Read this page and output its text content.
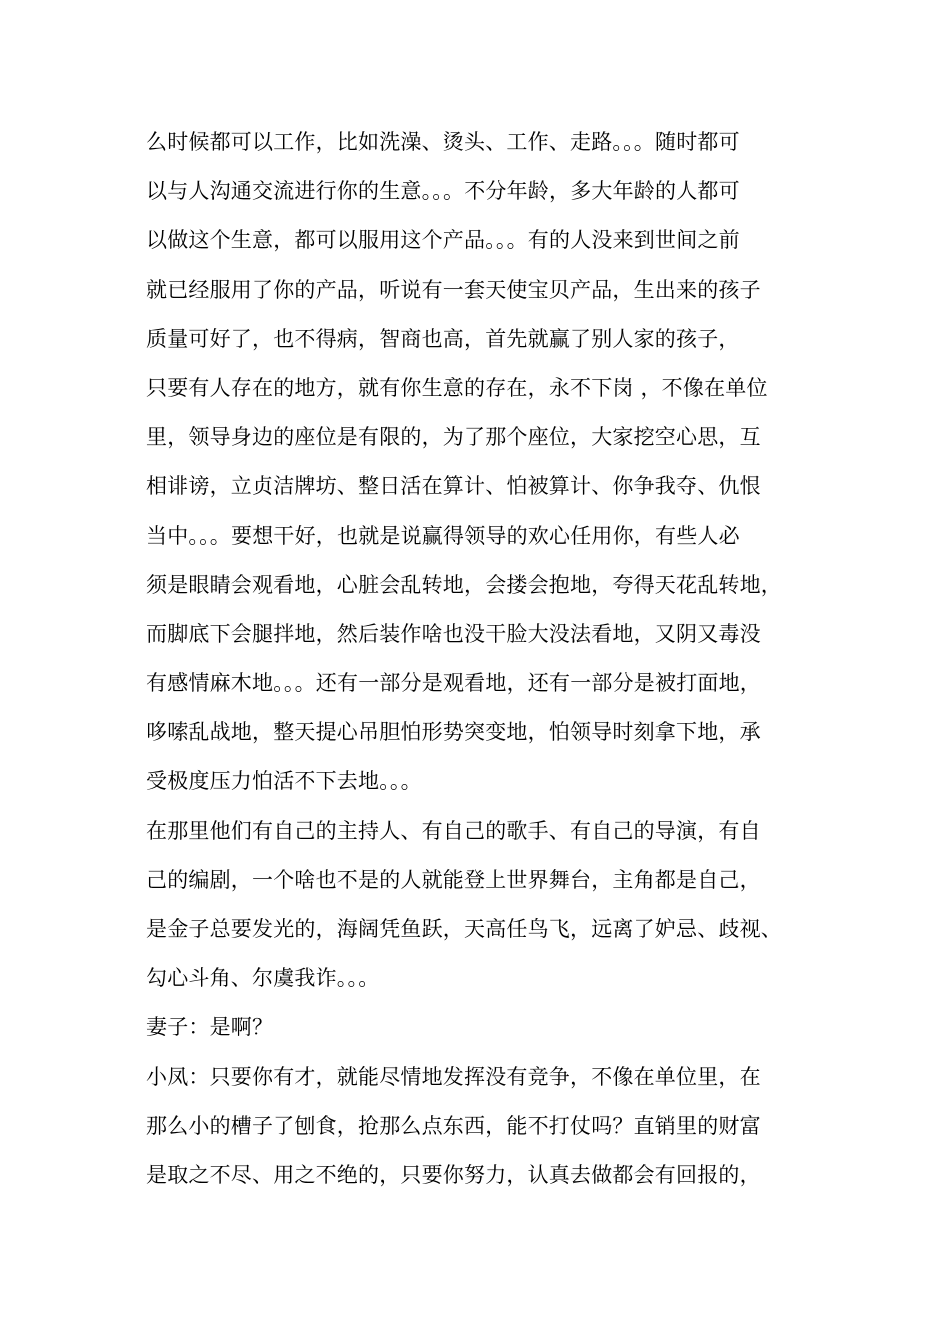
么时候都可以工作，比如洗澡、烫头、工作、走路。。。随时都可
以与人沟通交流进行你的生意。。。不分年龄，多大年龄的人都可
以做这个生意，都可以服用这个产品。。。有的人没来到世间之前
就已经服用了你的产品，听说有一套天使宝贝产品，生出来的孩子
质量可好了，也不得病，智商也高，首先就赢了别人家的孩子，
只要有人存在的地方，就有你生意的存在，永不下岗 ，不像在单位
里，领导身边的座位是有限的，为了那个座位，大家挖空心思，互
相诽谤，立贞洁牌坊、整日活在算计、怕被算计、你争我夺、仇恨
当中。。。要想干好，也就是说赢得领导的欢心任用你，有些人必
须是眼睛会观看地，心脏会乱转地，会搂会抱地，夸得天花乱转地，
而脚底下会腿拌地，然后装作啥也没干脸大没法看地，又阴又毒没
有感情麻木地。。。还有一部分是观看地，还有一部分是被打面地，
哆嗦乱战地，整天提心吊胆怕形势突变地，怕领导时刻拿下地，承
受极度压力怕活不下去地。。。
在那里他们有自己的主持人、有自己的歌手、有自己的导演，有自
己的编剧，一个啥也不是的人就能登上世界舞台，主角都是自己，
是金子总要发光的，海阔凭鱼跃，天高任鸟飞，远离了妒忌、歧视、
勾心斗角、尔虞我诈。。。
妻子：是啊？
小凤：只要你有才，就能尽情地发挥没有竞争，不像在单位里，在
那么小的槽子了刨食，抢那么点东西，能不打仗吗？直销里的财富
是取之不尽、用之不绝的，只要你努力，认真去做都会有回报的，
